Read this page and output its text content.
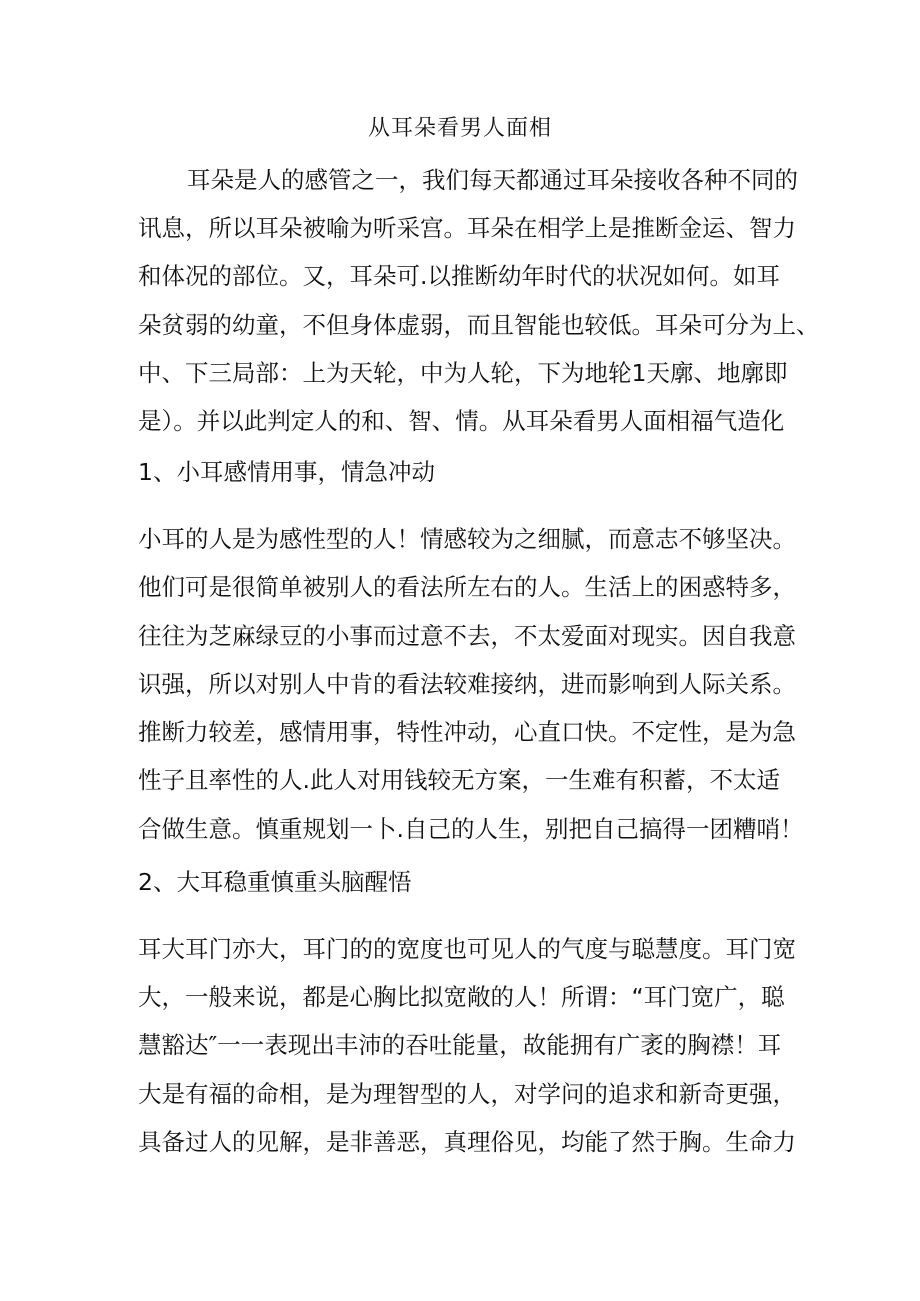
从耳朵看男人面相
耳朵是人的感管之一，我们每天都通过耳朵接收各种不同的
讯息，所以耳朵被喻为听采宫。耳朵在相学上是推断金运、智力
和体况的部位。又，耳朵可.以推断幼年时代的状况如何。如耳
朵贫弱的幼童，不但身体虚弱，而且智能也较低。耳朵可分为上、
中、下三局部：上为天轮，中为人轮，下为地轮1天廓、地廓即
是）。并以此判定人的和、智、情。从耳朵看男人面相福气造化
1、小耳感情用事，情急冲动
小耳的人是为感性型的人！情感较为之细腻，而意志不够坚决。
他们可是很简单被别人的看法所左右的人。生活上的困惑特多，
往往为芝麻绿豆的小事而过意不去，不太爱面对现实。因自我意
识强，所以对别人中肯的看法较难接纳，进而影响到人际关系。
推断力较差，感情用事，特性冲动，心直口快。不定性，是为急
性子且率性的人.此人对用钱较无方案，一生难有积蓄，不太适
合做生意。慎重规划一卜.自己的人生，别把自己搞得一团糟哨！
2、大耳稳重慎重头脑醒悟
耳大耳门亦大，耳门的的宽度也可见人的气度与聪慧度。耳门宽
大，一般来说，都是心胸比拟宽敞的人！所谓：“耳门宽广，聪
慧豁达″一一表现出丰沛的吞吐能量，故能拥有广袤的胸襟！耳
大是有福的命相，是为理智型的人，对学问的追求和新奇更强，
具备过人的见解，是非善恶，真理俗见，均能了然于胸。生命力
